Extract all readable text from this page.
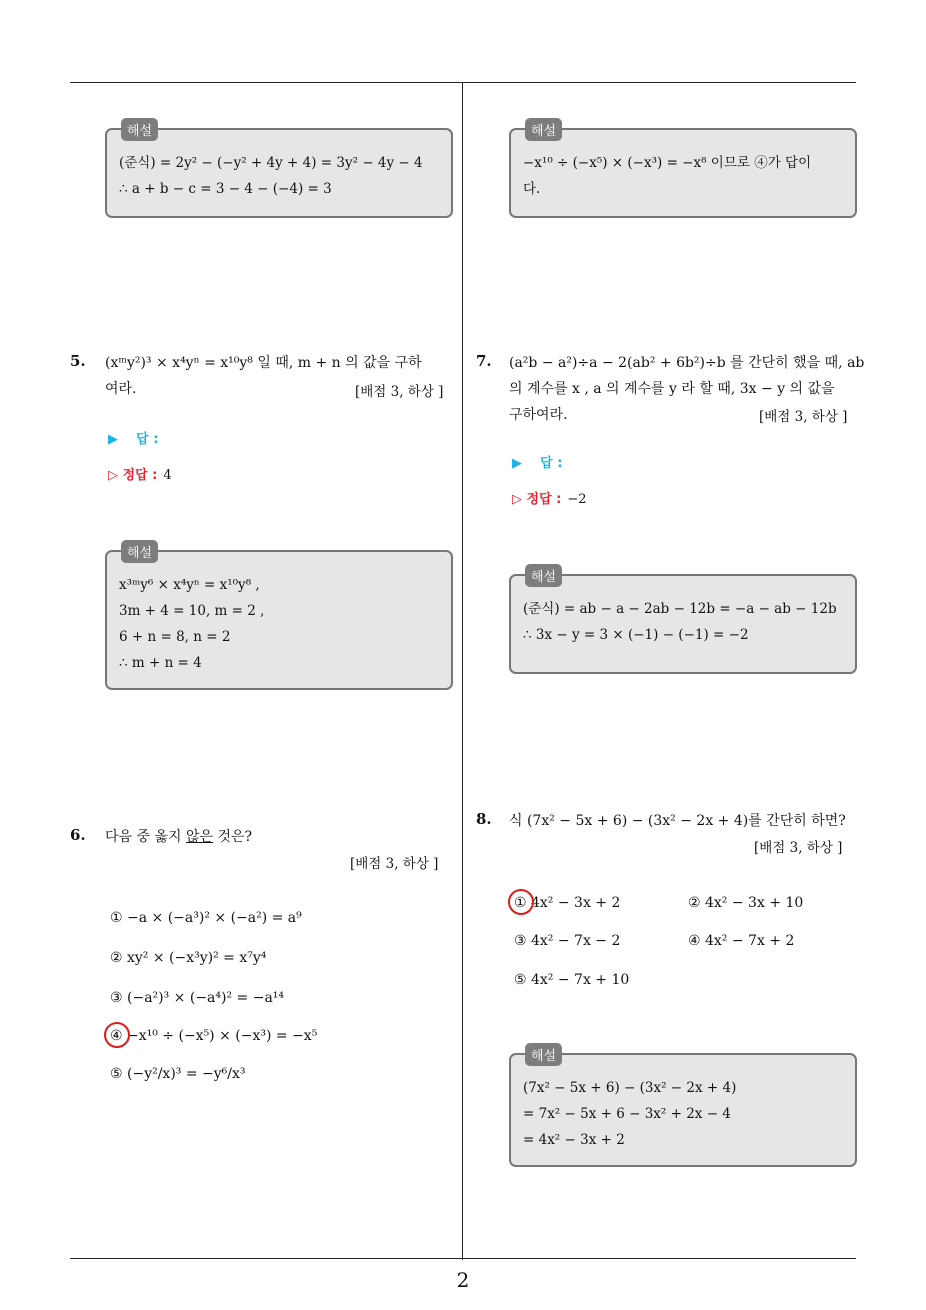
해설
(준식) = 2y² − (−y² + 4y + 4) = 3y² − 4y − 4
∴ a + b − c = 3 − 4 − (−4) = 3
해설
−x¹⁰ ÷ (−x⁵) × (−x³) = −x⁸ 이므로 ④가 답이
다.
5. (xᵐy²)³ × x⁴yⁿ = x¹⁰y⁸ 일 때, m + n 의 값을 구하
여라.	[배점 3, 하상 ]
▶ 답 :
▷ 정답 : 4
해설
x³ᵐy⁶ × x⁴yⁿ = x¹⁰y⁸ ,
3m + 4 = 10, m = 2 ,
6 + n = 8, n = 2
∴ m + n = 4
6. 다음 중 옳지 않은 것은?
[배점 3, 하상 ]
① −a × (−a³)² × (−a²) = a⁹
② xy² × (−x³y)² = x⁷y⁴
③ (−a²)³ × (−a⁴)² = −a¹⁴
④ −x¹⁰ ÷ (−x⁵) × (−x³) = −x⁵
⑤ (−y²/x)³ = −y⁶/x³
7. (a²b − a²)÷a − 2(ab² + 6b²)÷b 를 간단히 했을 때, ab
의 계수를 x , a 의 계수를 y 라 할 때, 3x − y 의 값을
구하여라.	[배점 3, 하상 ]
▶ 답 :
▷ 정답 : −2
해설
(준식) = ab − a − 2ab − 12b = −a − ab − 12b
∴ 3x − y = 3 × (−1) − (−1) = −2
8. 식 (7x² − 5x + 6) − (3x² − 2x + 4)를 간단히 하면?
[배점 3, 하상 ]
① 4x² − 3x + 2	② 4x² − 3x + 10
③ 4x² − 7x − 2	④ 4x² − 7x + 2
⑤ 4x² − 7x + 10
해설
(7x² − 5x + 6) − (3x² − 2x + 4)
= 7x² − 5x + 6 − 3x² + 2x − 4
= 4x² − 3x + 2
2
